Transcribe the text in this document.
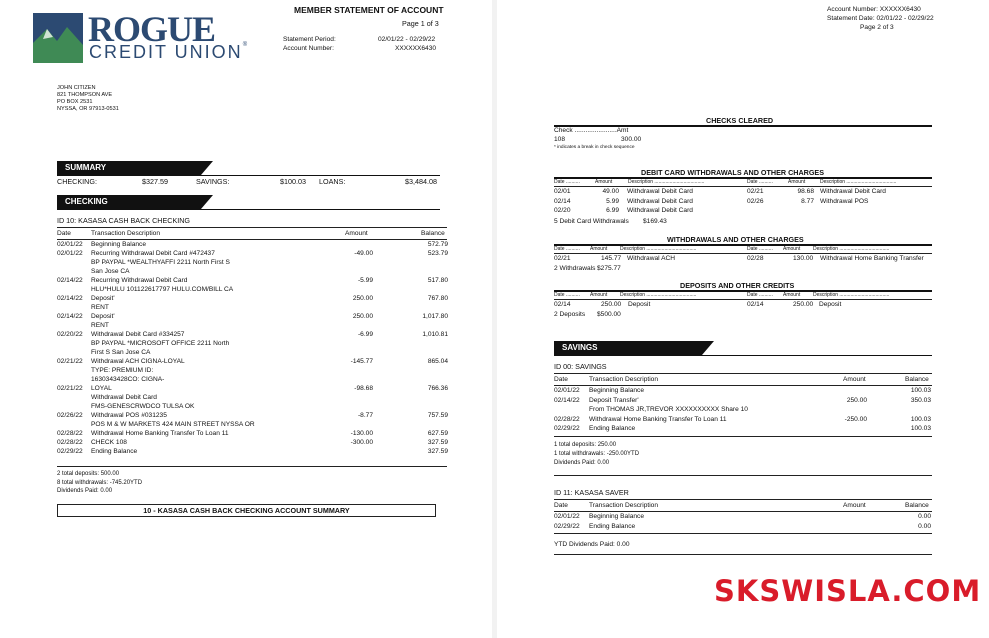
ROGUE
CREDIT UNION®
MEMBER STATEMENT OF ACCOUNT
Page 1 of 3
Statement Period:	02/01/22 - 02/29/22
Account Number:	XXXXXX6430
JOHN CITIZEN
821 THOMPSON AVE
PO BOX 2531
NYSSA, OR 97913-0531
SUMMARY
CHECKING:	$327.59	SAVINGS:	$100.03 LOANS:	$3,484.08
CHECKING
ID 10: KASASA CASH BACK CHECKING
Date	Transaction Description	Amount	Balance
02/01/22 Beginning Balance	572.79
02/01/22 Recurring Withdrawal Debit Card #472437	-49.00	523.79
BP PAYPAL *WEALTHYAFFI 2211 North First S
San Jose CA
02/14/22 Recurring Withdrawal Debit Card	-5.99	517.80
HLU*HULU 101122617797 HULU.COM/BILL CA
02/14/22 Deposit'	250.00	767.80
RENT
02/14/22 Deposit'	250.00	1,017.80
RENT
02/20/22 Withdrawal Debit Card #334257	-6.99	1,010.81
BP PAYPAL *MICROSOFT OFFICE 2211 North
First S San Jose CA
02/21/22 Withdrawal ACH CIGNA-LOYAL	-145.77	865.04
TYPE: PREMIUM ID:
1630343428CO: CIGNA-
02/21/22 LOYAL	-98.68	766.36
Withdrawal Debit Card
FMS-GENESCRWDCO TULSA OK
02/26/22 Withdrawal POS #031235	-8.77	757.59
POS M & W MARKETS 424 MAIN STREET NYSSA OR
02/28/22 Withdrawal Home Banking Transfer To Loan 11	-130.00	627.59
02/28/22 CHECK 108	-300.00	327.59
02/29/22 Ending Balance	327.59
2 total deposits: 500.00
8 total withdrawals: -745.20YTD
Dividends Paid: 0.00
10 - KASASA CASH BACK CHECKING ACCOUNT SUMMARY
Account Number: XXXXXX6430
Statement Date: 02/01/22 - 02/29/22
Page 2 of 3
CHECKS CLEARED
Check .......................Amt
108	300.00
* indicates a break in check sequence
DEBIT CARD WITHDRAWALS AND OTHER CHARGES
Date ..........	Amount	Description ....................................	Date ..........	Amount	Description ....................................
02/01	49.00 Withdrawal Debit Card	02/21	98.68 Withdrawal Debit Card
02/14	5.99 Withdrawal Debit Card	02/26	8.77 Withdrawal POS
02/20	6.99 Withdrawal Debit Card
5 Debit Card Withdrawals $169.43
WITHDRAWALS AND OTHER CHARGES
Date .......... Amount	Description ....................................	Date .......... Amount	Description ....................................
02/21	145.77 Withdrawal ACH	02/28	130.00 Withdrawal Home Banking Transfer
2 Withdrawals $275.77
DEPOSITS AND OTHER CREDITS
Date .......... Amount	Description ....................................	Date .......... Amount	Description ....................................
02/14	250.00 Deposit	02/14	250.00 Deposit
2 Deposits $500.00
SAVINGS
ID 00: SAVINGS
Date	Transaction Description	Amount	Balance
02/01/22 Beginning Balance	100.03
02/14/22 Deposit Transfer'	250.00	350.03
From THOMAS JR,TREVOR XXXXXXXXXX Share 10
02/28/22 Withdrawal Home Banking Transfer To Loan 11	-250.00	100.03
02/29/22 Ending Balance	100.03
1 total deposits: 250.00
1 total withdrawals: -250.00YTD
Dividends Paid: 0.00
ID 11: KASASA SAVER
Date	Transaction Description	Amount	Balance
02/01/22 Beginning Balance	0.00
02/29/22 Ending Balance	0.00
YTD Dividends Paid: 0.00
SKSWISLA.COM
